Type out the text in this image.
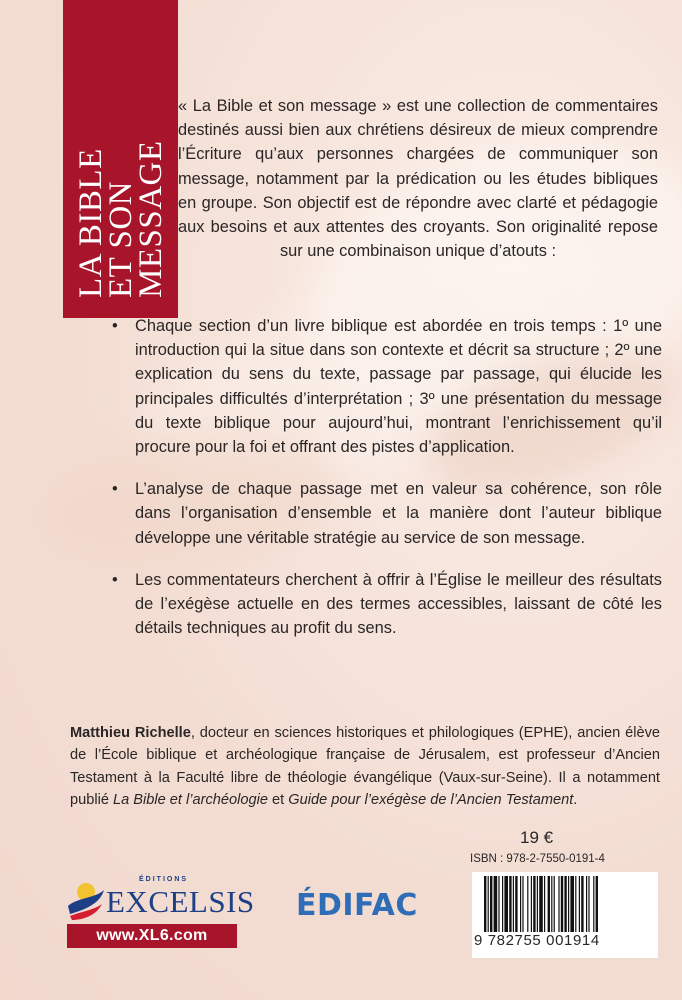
LA BIBLE
ET SON
MESSAGE

« La Bible et son message » est une collection de commentaires destinés aussi bien aux chrétiens désireux de mieux comprendre l’Écriture qu’aux personnes chargées de communiquer son message, notamment par la prédication ou les études bibliques en groupe. Son objectif est de répondre avec clarté et pédagogie aux besoins et aux attentes des croyants. Son originalité repose sur une combinaison unique d’atouts :

•	Chaque section d’un livre biblique est abordée en trois temps : 1º une introduction qui la situe dans son contexte et décrit sa structure ; 2º une explication du sens du texte, passage par passage, qui élucide les principales difficultés d’interprétation ; 3º une présentation du message du texte biblique pour aujourd’hui, montrant l’enrichissement qu’il procure pour la foi et offrant des pistes d’application.
•	L’analyse de chaque passage met en valeur sa cohérence, son rôle dans l’organisation d’ensemble et la manière dont l’auteur biblique développe une véritable stratégie au service de son message.
•	Les commentateurs cherchent à offrir à l’Église le meilleur des résultats de l’exégèse actuelle en des termes accessibles, laissant de côté les détails techniques au profit du sens.

Matthieu Richelle, docteur en sciences historiques et philologiques (EPHE), ancien élève de l’École biblique et archéologique française de Jérusalem, est professeur d’Ancien Testament à la Faculté libre de théologie évangélique (Vaux-sur-Seine). Il a notamment publié La Bible et l’archéologie et Guide pour l’exégèse de l’Ancien Testament.

ÉDITIONS
EXCELSIS
www.XL6.com
ÉDIFAC
19 €
ISBN : 978-2-7550-0191-4
9 782755 001914
